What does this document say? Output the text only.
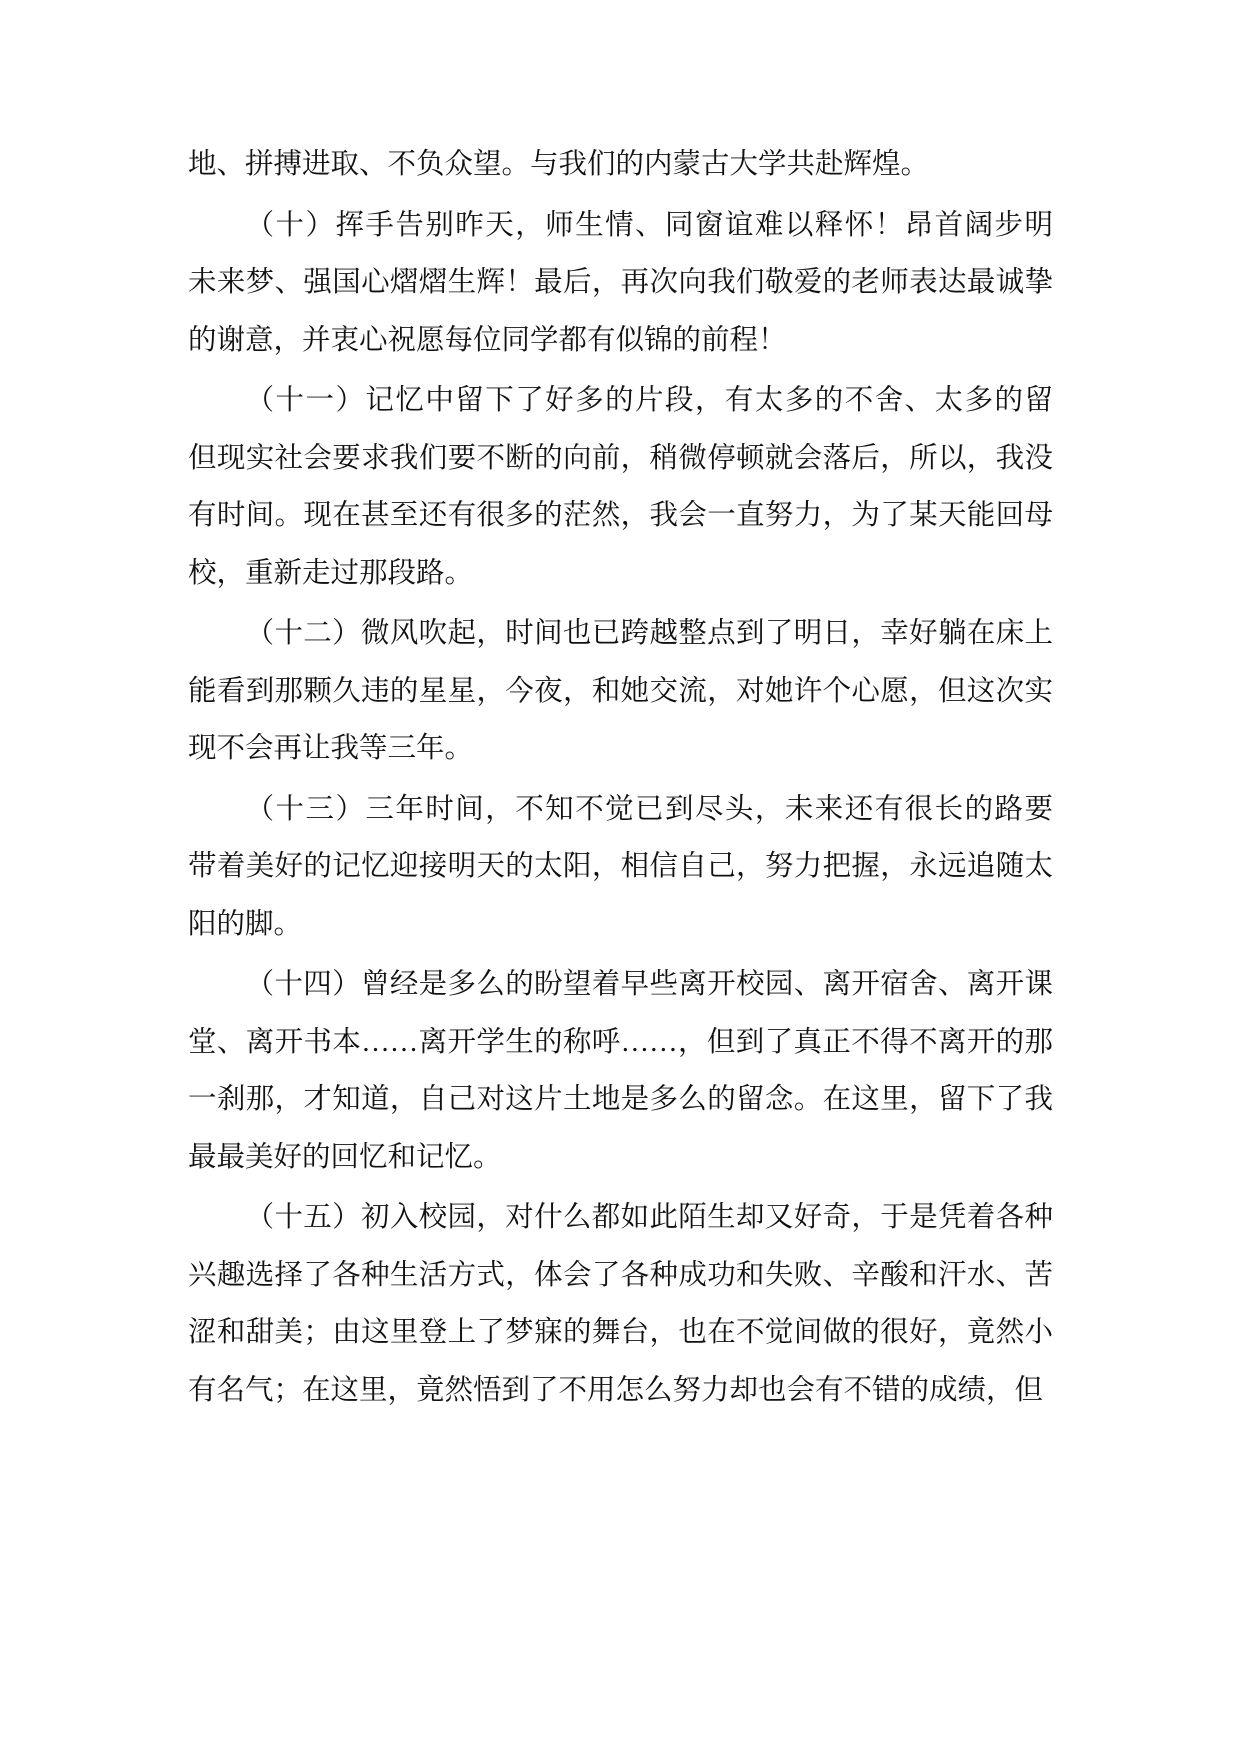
地、拼搏进取、不负众望。与我们的内蒙古大学共赴辉煌。
（十）挥手告别昨天，师生情、同窗谊难以释怀！昂首阔步明
未来梦、强国心熠熠生辉！最后，再次向我们敬爱的老师表达最诚挚
的谢意，并衷心祝愿每位同学都有似锦的前程！
（十一）记忆中留下了好多的片段，有太多的不舍、太多的留
但现实社会要求我们要不断的向前，稍微停顿就会落后，所以，我没
有时间。现在甚至还有很多的茫然，我会一直努力，为了某天能回母
校，重新走过那段路。
（十二）微风吹起，时间也已跨越整点到了明日，幸好躺在床上
能看到那颗久违的星星，今夜，和她交流，对她许个心愿，但这次实
现不会再让我等三年。
（十三）三年时间，不知不觉已到尽头，未来还有很长的路要
带着美好的记忆迎接明天的太阳，相信自己，努力把握，永远追随太
阳的脚。
（十四）曾经是多么的盼望着早些离开校园、离开宿舍、离开课
堂、离开书本……离开学生的称呼……，但到了真正不得不离开的那
一刹那，才知道，自己对这片土地是多么的留念。在这里，留下了我
最最美好的回忆和记忆。
（十五）初入校园，对什么都如此陌生却又好奇，于是凭着各种
兴趣选择了各种生活方式，体会了各种成功和失败、辛酸和汗水、苦
涩和甜美；由这里登上了梦寐的舞台，也在不觉间做的很好，竟然小
有名气；在这里，竟然悟到了不用怎么努力却也会有不错的成绩，但
